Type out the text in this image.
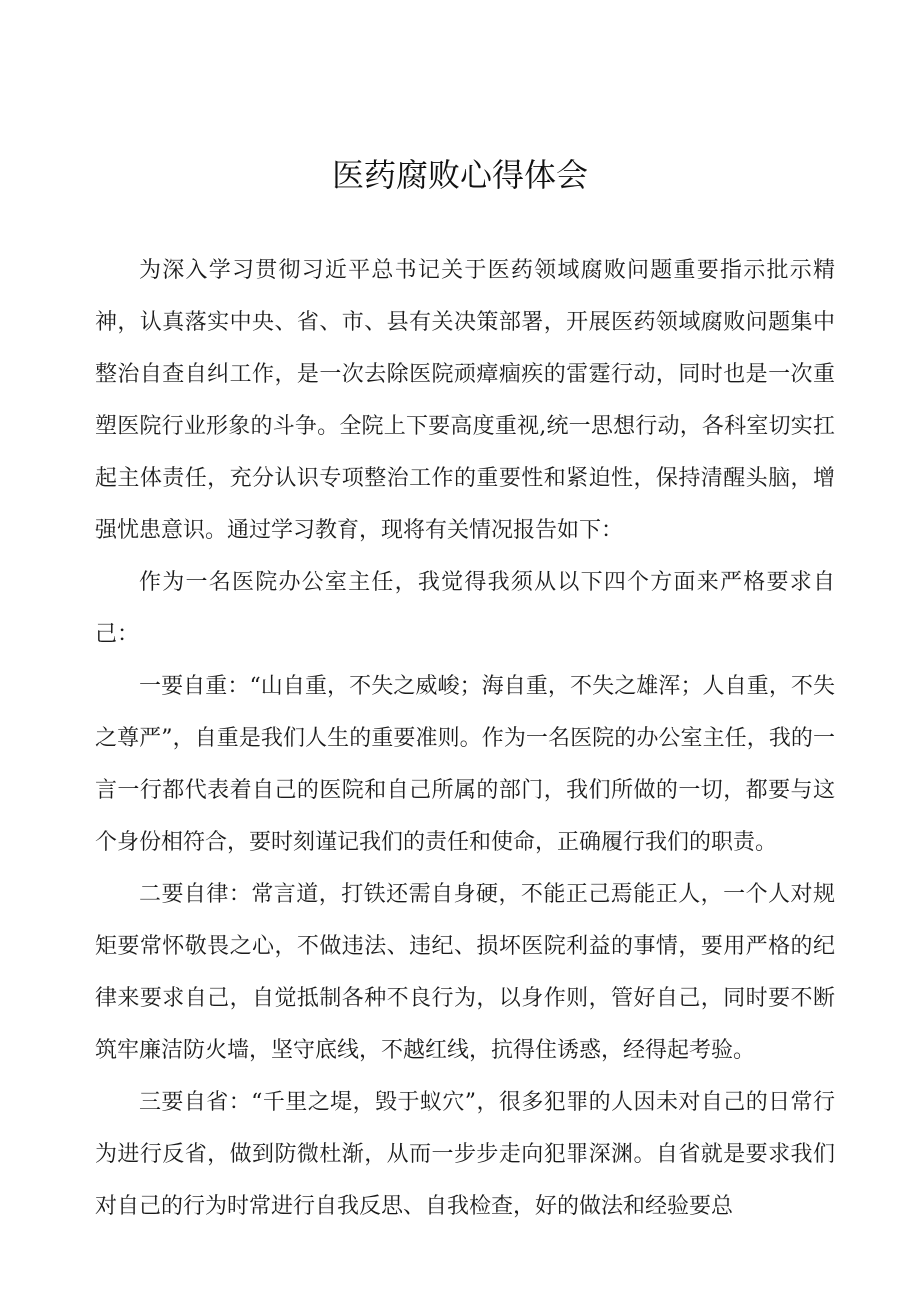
医药腐败心得体会

为深入学习贯彻习近平总书记关于医药领域腐败问题重要指示批示精神，认真落实中央、省、市、县有关决策部署，开展医药领域腐败问题集中整治自查自纠工作，是一次去除医院顽瘴痼疾的雷霆行动，同时也是一次重塑医院行业形象的斗争。全院上下要高度重视,统一思想行动，各科室切实扛起主体责任，充分认识专项整治工作的重要性和紧迫性，保持清醒头脑，增强忧患意识。通过学习教育，现将有关情况报告如下：

作为一名医院办公室主任，我觉得我须从以下四个方面来严格要求自己：

一要自重：“山自重，不失之威峻；海自重，不失之雄浑；人自重，不失之尊严”，自重是我们人生的重要准则。作为一名医院的办公室主任，我的一言一行都代表着自己的医院和自己所属的部门，我们所做的一切，都要与这个身份相符合，要时刻谨记我们的责任和使命，正确履行我们的职责。

二要自律：常言道，打铁还需自身硬，不能正己焉能正人，一个人对规矩要常怀敬畏之心，不做违法、违纪、损坏医院利益的事情，要用严格的纪律来要求自己，自觉抵制各种不良行为，以身作则，管好自己，同时要不断筑牢廉洁防火墙，坚守底线，不越红线，抗得住诱惑，经得起考验。

三要自省：“千里之堤，毁于蚁穴”，很多犯罪的人因未对自己的日常行为进行反省，做到防微杜渐，从而一步步走向犯罪深渊。自省就是要求我们对自己的行为时常进行自我反思、自我检查，好的做法和经验要总
